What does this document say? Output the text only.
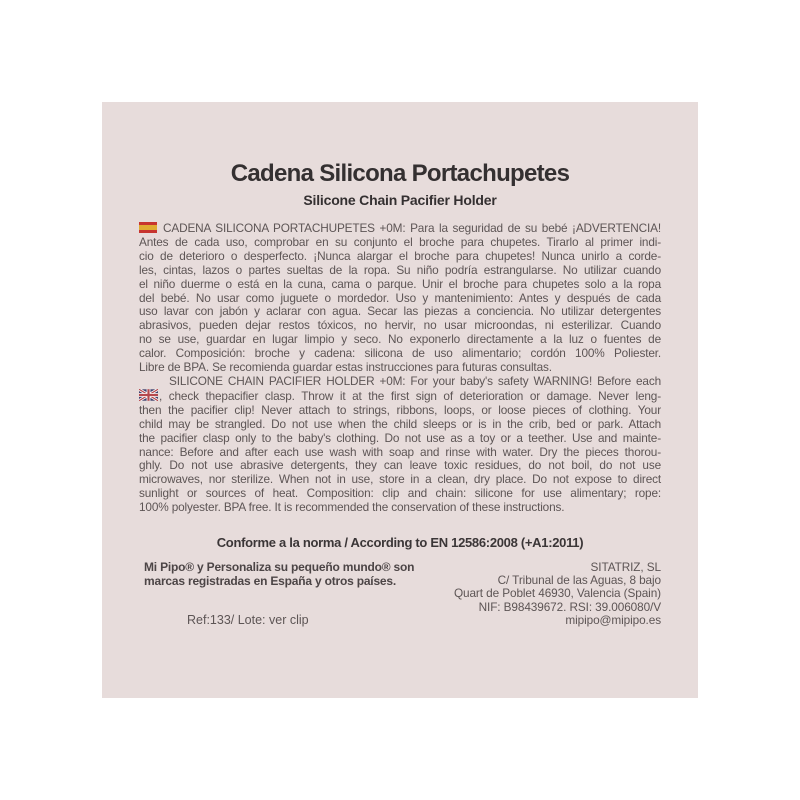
Cadena Silicona Portachupetes
Silicone Chain Pacifier Holder
CADENA SILICONA PORTACHUPETES +0M: Para la seguridad de su bebé ¡ADVERTENCIA!
Antes de cada uso, comprobar en su conjunto el broche para chupetes. Tirarlo al primer indi-
cio de deterioro o desperfecto. ¡Nunca alargar el broche para chupetes! Nunca unirlo a corde-
les, cintas, lazos o partes sueltas de la ropa. Su niño podría estrangularse. No utilizar cuando
el niño duerme o está en la cuna, cama o parque. Unir el broche para chupetes solo a la ropa
del bebé. No usar como juguete o mordedor. Uso y mantenimiento: Antes y después de cada
uso lavar con jabón y aclarar con agua. Secar las piezas a conciencia. No utilizar detergentes
abrasivos, pueden dejar restos tóxicos, no hervir, no usar microondas, ni esterilizar. Cuando
no se use, guardar en lugar limpio y seco. No exponerlo directamente a la luz o fuentes de
calor. Composición: broche y cadena: silicona de uso alimentario; cordón 100% Poliester.
Libre de BPA. Se recomienda guardar estas instrucciones para futuras consultas.
SILICONE CHAIN PACIFIER HOLDER +0M: For your baby's safety WARNING! Before each
, check thepacifier clasp. Throw it at the first sign of deterioration or damage. Never leng-
then the pacifier clip! Never attach to strings, ribbons, loops, or loose pieces of clothing. Your
child may be strangled. Do not use when the child sleeps or is in the crib, bed or park. Attach
the pacifier clasp only to the baby's clothing. Do not use as a toy or a teether. Use and mainte-
nance: Before and after each use wash with soap and rinse with water. Dry the pieces thorou-
ghly. Do not use abrasive detergents, they can leave toxic residues, do not boil, do not use
microwaves, nor sterilize. When not in use, store in a clean, dry place. Do not expose to direct
sunlight or sources of heat. Composition: clip and chain: silicone for use alimentary; rope:
100% polyester. BPA free. It is recommended the conservation of these instructions.
Conforme a la norma / According to EN 12586:2008 (+A1:2011)
Mi Pipo® y Personaliza su pequeño mundo® son
marcas registradas en España y otros países.
Ref:133/ Lote: ver clip
SITATRIZ, SL
C/ Tribunal de las Aguas, 8 bajo
Quart de Poblet 46930, Valencia (Spain)
NIF: B98439672. RSI: 39.006080/V
mipipo@mipipo.es
